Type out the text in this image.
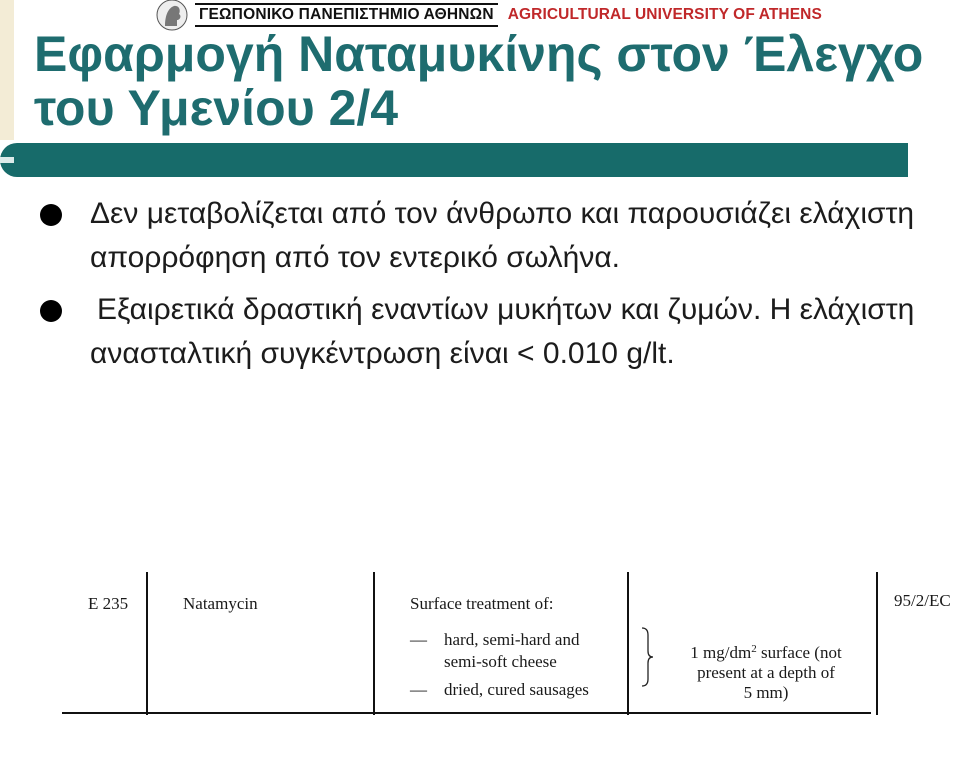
ΓΕΩΠΟΝΙΚΟ ΠΑΝΕΠΙΣΤΗΜΙΟ ΑΘΗΝΩΝ AGRICULTURAL UNIVERSITY OF ATHENS
Εφαρμογή Ναταμυκίνης στον Έλεγχο του Υμενίου 2/4
Δεν μεταβολίζεται από τον άνθρωπο και παρουσιάζει ελάχιστη απορρόφηση από τον εντερικό σωλήνα.
Εξαιρετικά δραστική εναντίων μυκήτων και ζυμών. Η ελάχιστη ανασταλτική συγκέντρωση είναι < 0.010 g/lt.
E 235	Natamycin	Surface treatment of:
— hard, semi-hard and
semi-soft cheese
— dried, cured sausages
1 $mg/dm^2$ surface (not
present at a depth of
5 mm)
95/2/EC
